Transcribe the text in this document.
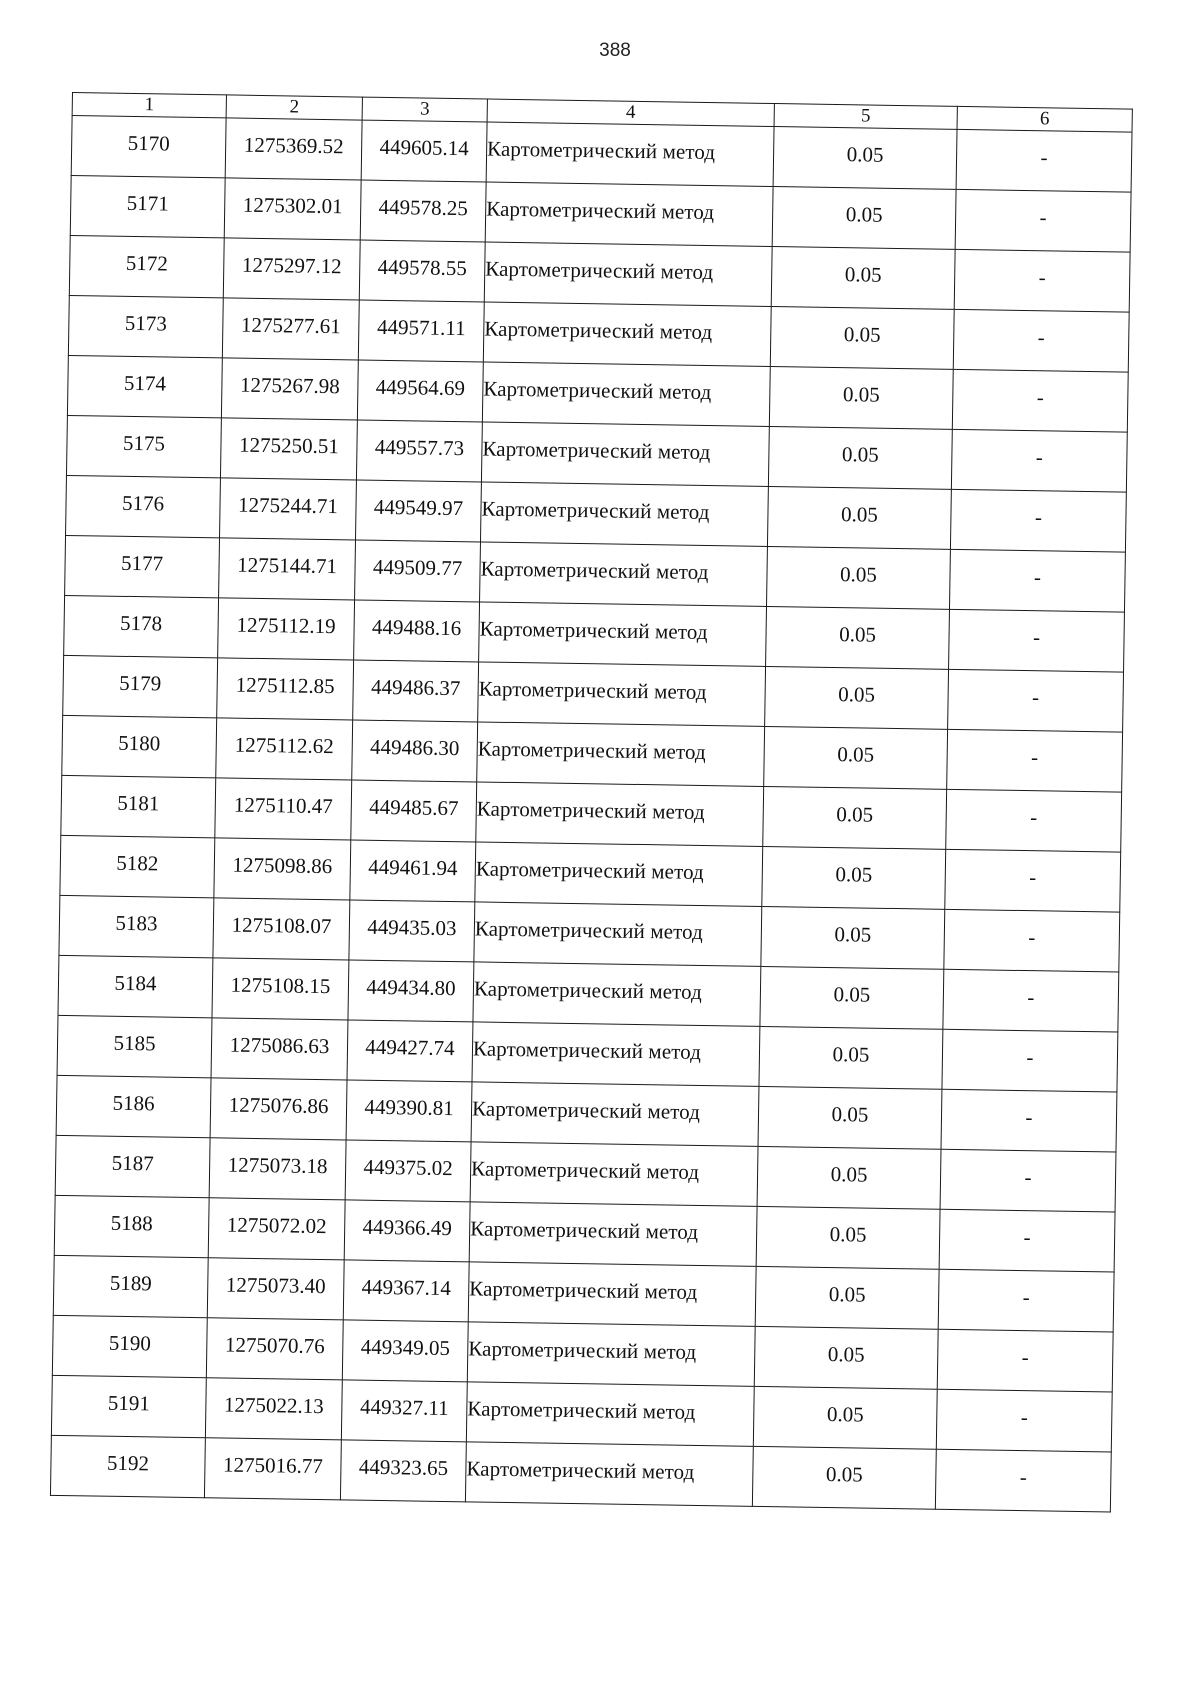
388
1	2	3	4	5	6
5170	1275369.52	449605.14	Картометрический метод	0.05	-
5171	1275302.01	449578.25	Картометрический метод	0.05	-
5172	1275297.12	449578.55	Картометрический метод	0.05	-
5173	1275277.61	449571.11	Картометрический метод	0.05	-
5174	1275267.98	449564.69	Картометрический метод	0.05	-
5175	1275250.51	449557.73	Картометрический метод	0.05	-
5176	1275244.71	449549.97	Картометрический метод	0.05	-
5177	1275144.71	449509.77	Картометрический метод	0.05	-
5178	1275112.19	449488.16	Картометрический метод	0.05	-
5179	1275112.85	449486.37	Картометрический метод	0.05	-
5180	1275112.62	449486.30	Картометрический метод	0.05	-
5181	1275110.47	449485.67	Картометрический метод	0.05	-
5182	1275098.86	449461.94	Картометрический метод	0.05	-
5183	1275108.07	449435.03	Картометрический метод	0.05	-
5184	1275108.15	449434.80	Картометрический метод	0.05	-
5185	1275086.63	449427.74	Картометрический метод	0.05	-
5186	1275076.86	449390.81	Картометрический метод	0.05	-
5187	1275073.18	449375.02	Картометрический метод	0.05	-
5188	1275072.02	449366.49	Картометрический метод	0.05	-
5189	1275073.40	449367.14	Картометрический метод	0.05	-
5190	1275070.76	449349.05	Картометрический метод	0.05	-
5191	1275022.13	449327.11	Картометрический метод	0.05	-
5192	1275016.77	449323.65	Картометрический метод	0.05	-
